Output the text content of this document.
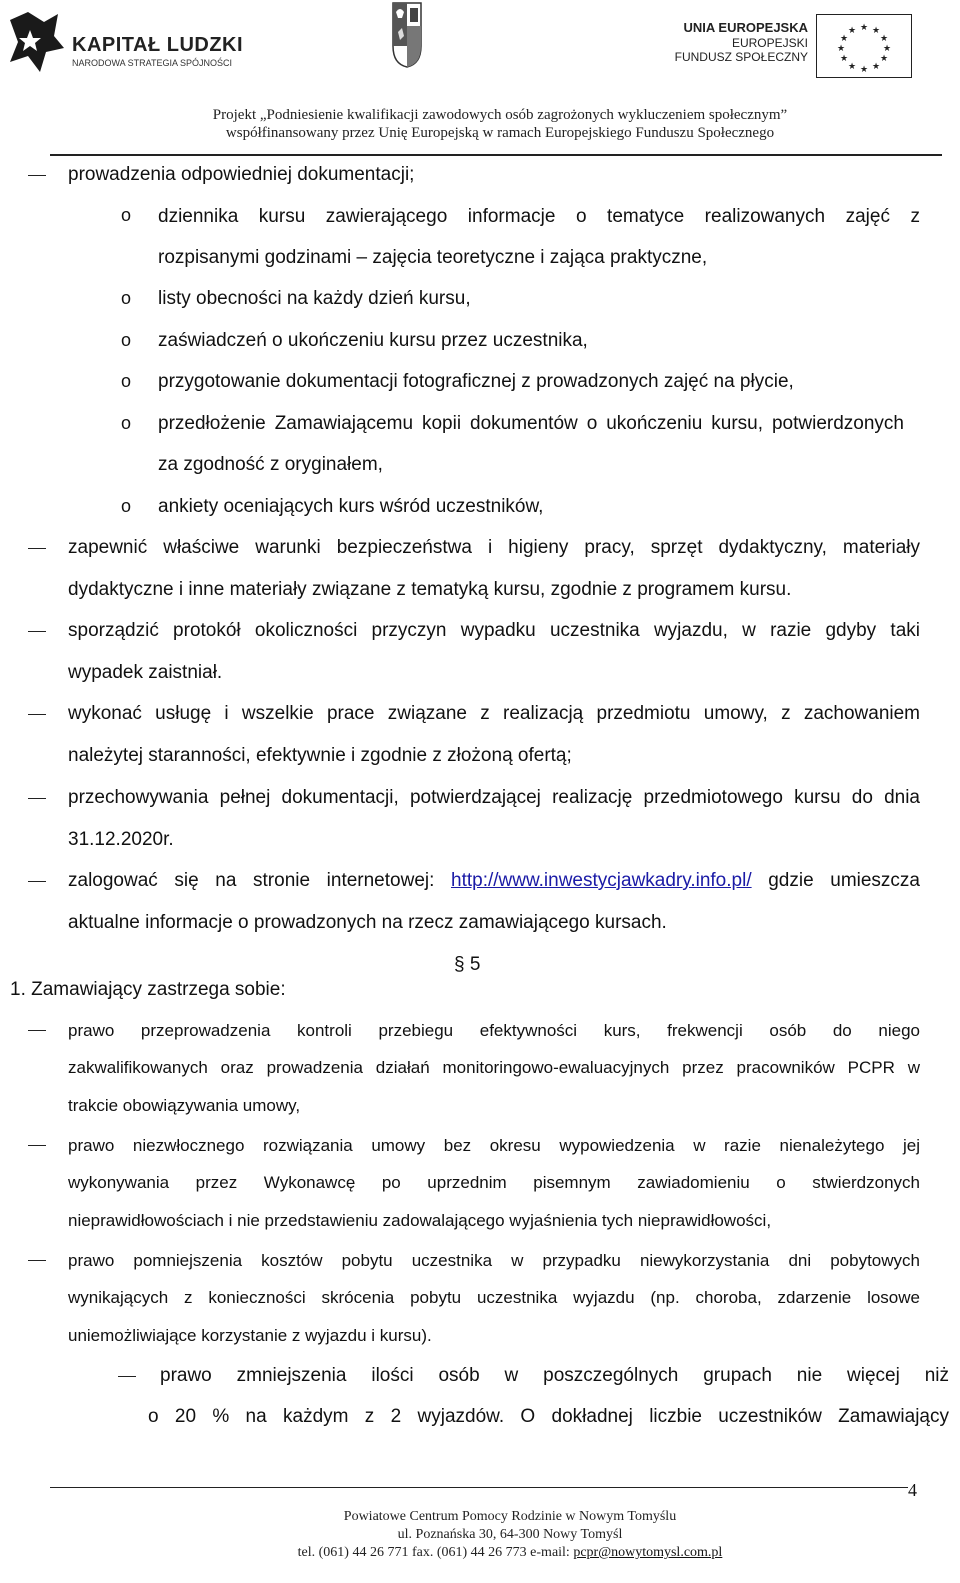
KAPITAŁ LUDZKI
NARODOWA STRATEGIA SPÓJNOŚCI
UNIA EUROPEJSKA
EUROPEJSKI
FUNDUSZ SPOŁECZNY
★ ★
★
★
★
★
★
★
★
★
★
★
Projekt „Podniesienie kwalifikacji zawodowych osób zagrożonych wykluczeniem społecznym”
współfinansowany przez Unię Europejską w ramach Europejskiego Funduszu Społecznego
prowadzenia odpowiedniej dokumentacji;
o dziennika kursu zawierającego informacje o tematyce realizowanych zajęć z
rozpisanymi godzinami – zajęcia teoretyczne i zająca praktyczne,
o listy obecności na każdy dzień kursu,
o zaświadczeń o ukończeniu kursu przez uczestnika,
o przygotowanie dokumentacji fotograficznej z prowadzonych zajęć na płycie,
o przedłożenie Zamawiającemu kopii dokumentów o ukończeniu kursu, potwierdzonych
za zgodność z oryginałem,
o ankiety oceniających kurs wśród uczestników,
zapewnić właściwe warunki bezpieczeństwa i higieny pracy, sprzęt dydaktyczny, materiały
dydaktyczne i inne materiały związane z tematyką kursu, zgodnie z programem kursu.
sporządzić protokół okoliczności przyczyn wypadku uczestnika wyjazdu, w razie gdyby taki
wypadek zaistniał.
wykonać usługę i wszelkie prace związane z realizacją przedmiotu umowy, z zachowaniem
należytej staranności, efektywnie i zgodnie z złożoną ofertą;
przechowywania pełnej dokumentacji, potwierdzającej realizację przedmiotowego kursu do dnia
31.12.2020r.
zalogować się na stronie internetowej: http://www.inwestycjawkadry.info.pl/ gdzie umieszcza
aktualne informacje o prowadzonych na rzecz zamawiającego kursach.
§ 5
1. Zamawiający zastrzega sobie:
prawo przeprowadzenia kontroli przebiegu efektywności kurs, frekwencji osób do niego
zakwalifikowanych oraz prowadzenia działań monitoringowo-ewaluacyjnych przez pracowników PCPR w
trakcie obowiązywania umowy,
prawo niezwłocznego rozwiązania umowy bez okresu wypowiedzenia w razie nienależytego jej
wykonywania przez Wykonawcę po uprzednim pisemnym zawiadomieniu o stwierdzonych
nieprawidłowościach i nie przedstawieniu zadowalającego wyjaśnienia tych nieprawidłowości,
prawo pomniejszenia kosztów pobytu uczestnika w przypadku niewykorzystania dni pobytowych
wynikających z konieczności skrócenia pobytu uczestnika wyjazdu (np. choroba, zdarzenie losowe
uniemożliwiające korzystanie z wyjazdu i kursu).
prawo zmniejszenia ilości osób w poszczególnych grupach nie więcej niż
o 20 % na każdym z 2 wyjazdów. O dokładnej liczbie uczestników Zamawiający
4
Powiatowe Centrum Pomocy Rodzinie w Nowym Tomyślu
ul. Poznańska 30, 64-300 Nowy Tomyśl
tel. (061) 44 26 771 fax. (061) 44 26 773 e-mail: pcpr@nowytomysl.com.pl
